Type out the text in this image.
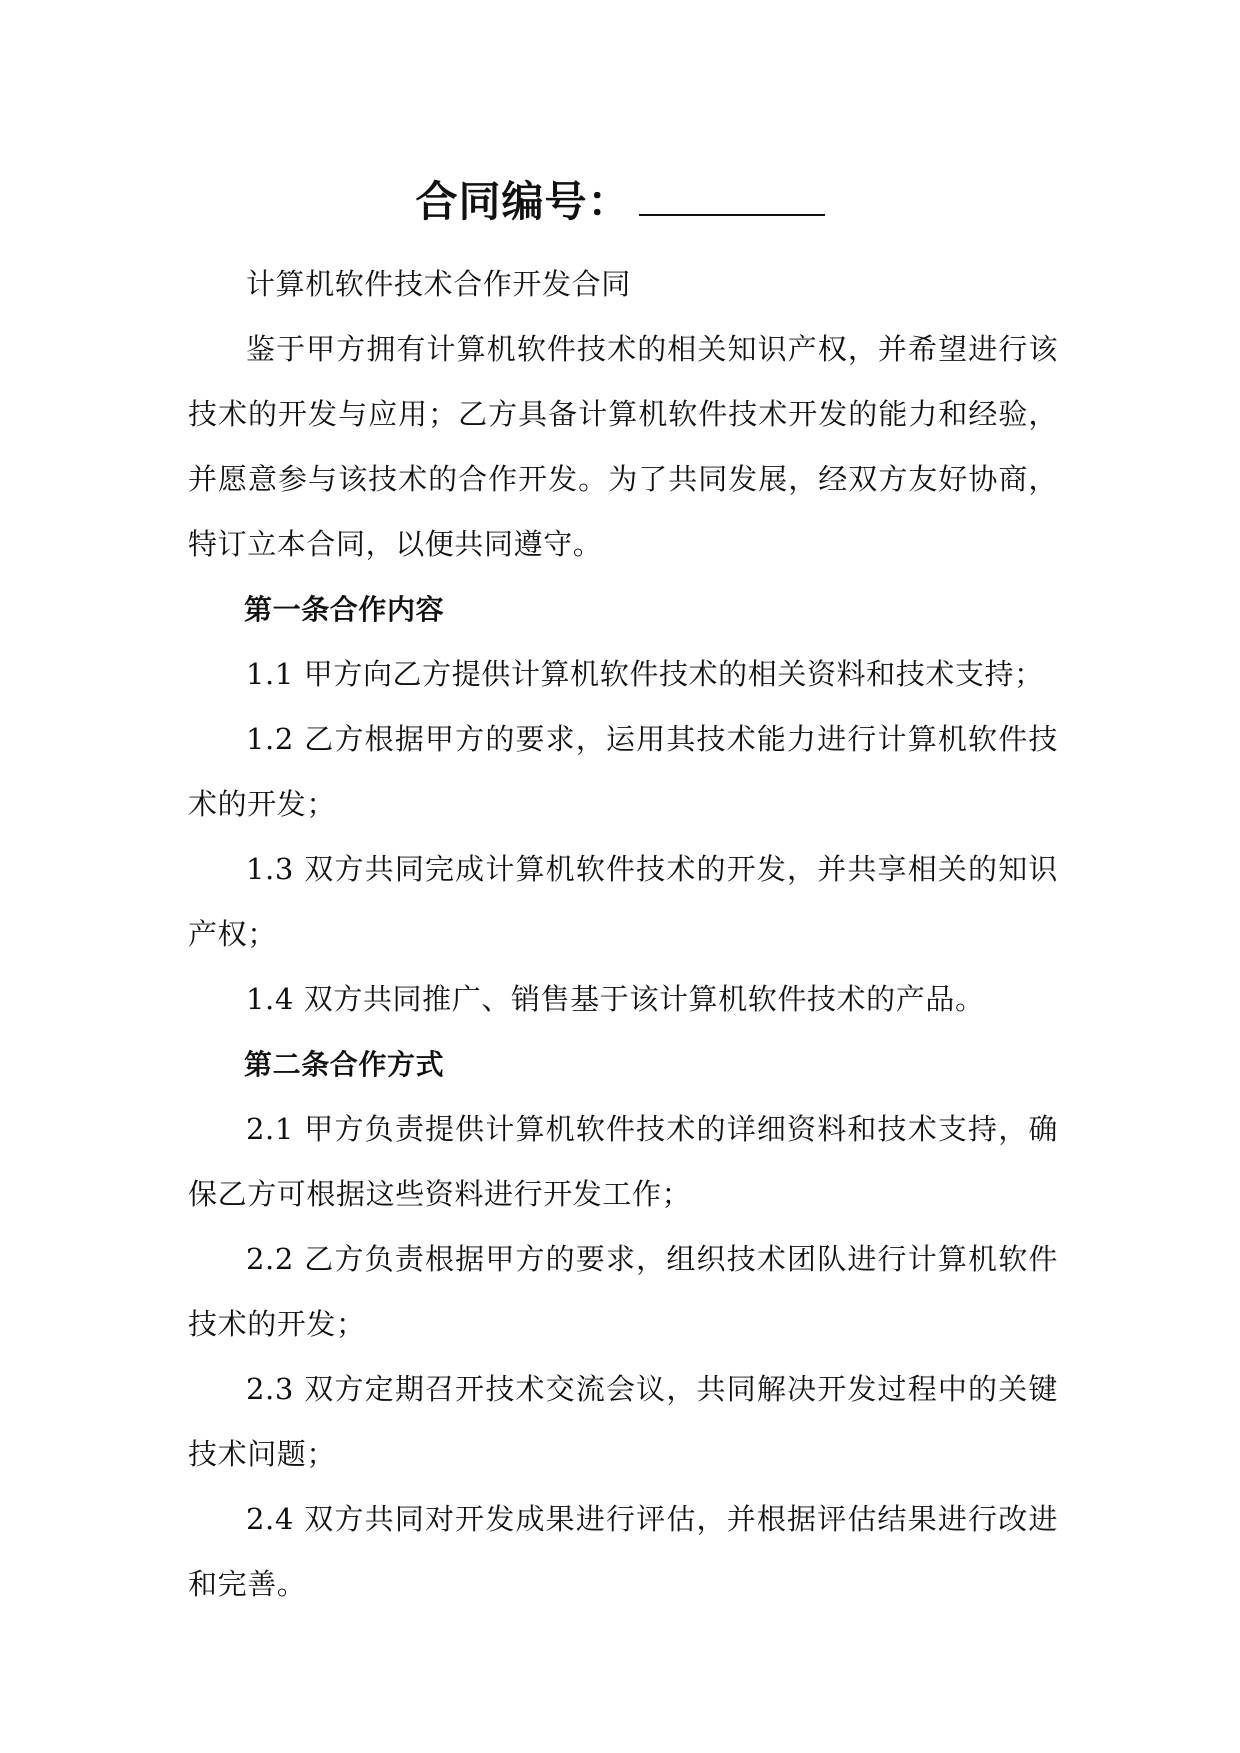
合同编号：

计算机软件技术合作开发合同

鉴于甲方拥有计算机软件技术的相关知识产权，并希望进行该技术的开发与应用；乙方具备计算机软件技术开发的能力和经验，并愿意参与该技术的合作开发。为了共同发展，经双方友好协商，特订立本合同，以便共同遵守。

第一条合作内容

1.1 甲方向乙方提供计算机软件技术的相关资料和技术支持；

1.2 乙方根据甲方的要求，运用其技术能力进行计算机软件技术的开发；

1.3 双方共同完成计算机软件技术的开发，并共享相关的知识产权；

1.4 双方共同推广、销售基于该计算机软件技术的产品。

第二条合作方式

2.1 甲方负责提供计算机软件技术的详细资料和技术支持，确保乙方可根据这些资料进行开发工作；

2.2 乙方负责根据甲方的要求，组织技术团队进行计算机软件技术的开发；

2.3 双方定期召开技术交流会议，共同解决开发过程中的关键技术问题；

2.4 双方共同对开发成果进行评估，并根据评估结果进行改进和完善。
